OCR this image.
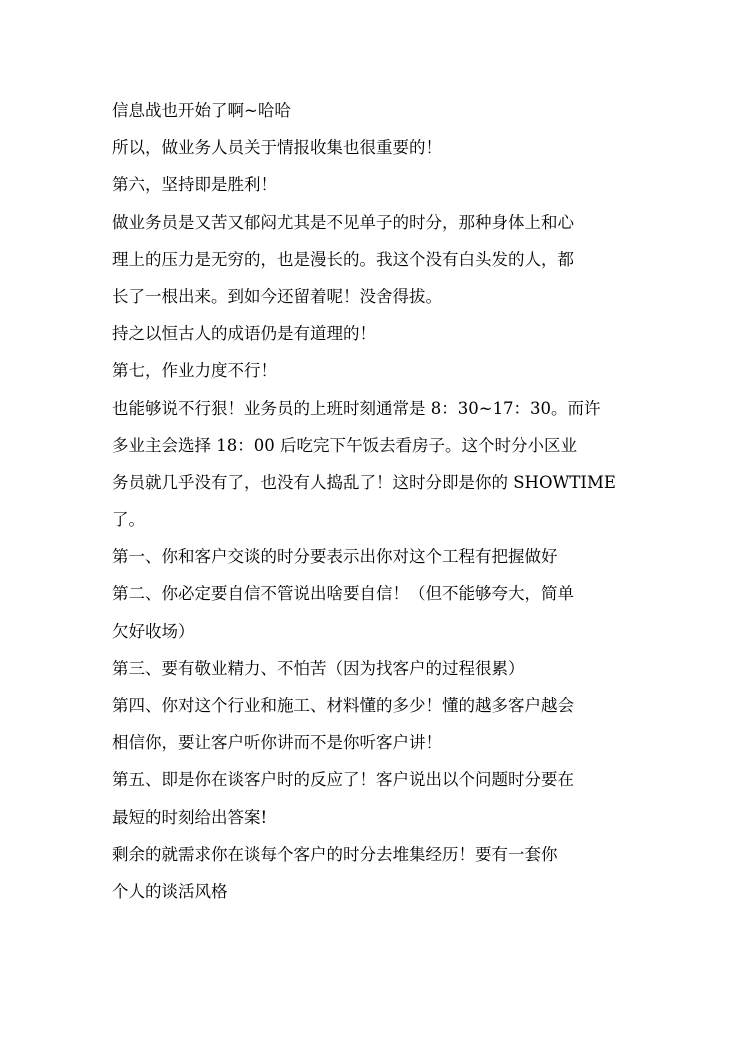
信息战也开始了啊~哈哈
所以，做业务人员关于情报收集也很重要的！
第六，坚持即是胜利！
做业务员是又苦又郁闷尤其是不见单子的时分，那种身体上和心
理上的压力是无穷的，也是漫长的。我这个没有白头发的人，都
长了一根出来。到如今还留着呢！没舍得拔。
持之以恒古人的成语仍是有道理的！
第七，作业力度不行！
也能够说不行狠！业务员的上班时刻通常是 8：30~17：30。而许
多业主会选择 18：00 后吃完下午饭去看房子。这个时分小区业
务员就几乎没有了，也没有人捣乱了！这时分即是你的 SHOWTIME
了。
第一、你和客户交谈的时分要表示出你对这个工程有把握做好
第二、你必定要自信不管说出啥要自信！（但不能够夸大，简单
欠好收场）
第三、要有敬业精力、不怕苦（因为找客户的过程很累）
第四、你对这个行业和施工、材料懂的多少！懂的越多客户越会
相信你，要让客户听你讲而不是你听客户讲！
第五、即是你在谈客户时的反应了！客户说出以个问题时分要在
最短的时刻给出答案!
剩余的就需求你在谈每个客户的时分去堆集经历！要有一套你
个人的谈活风格
